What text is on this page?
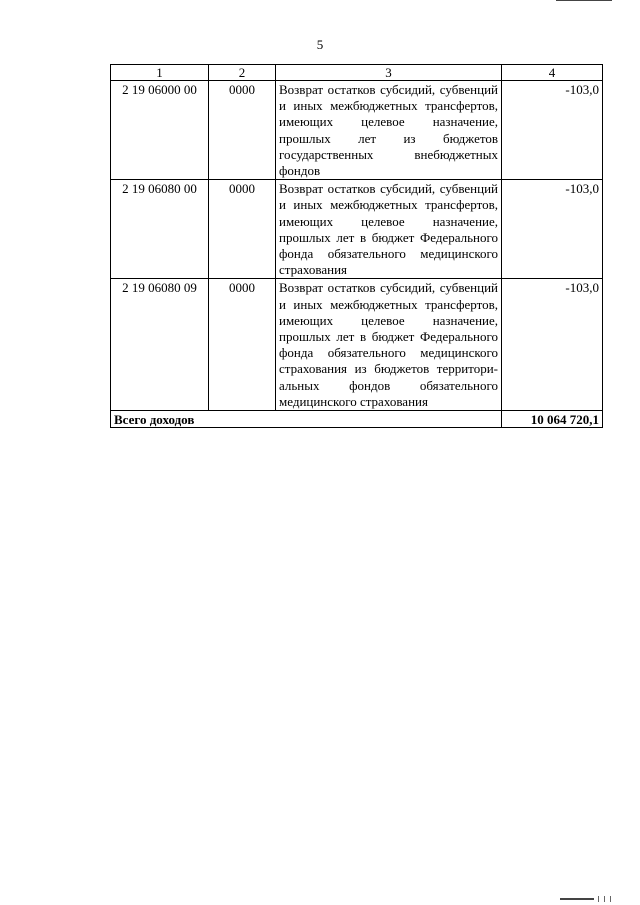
5
1	2	3	4
2 19 06000 00	0000	Возврат остатков субсидий, субвенций и иных межбюджетных трансфертов, имеющих целевое назначение, прошлых лет из бюджетов государственных внебюджетных фондов	-103,0
2 19 06080 00	0000	Возврат остатков субсидий, субвенций и иных межбюджетных трансфертов, имеющих целевое назначение, прошлых лет в бюджет Федерального фонда обязательного медицинского страхования	-103,0
2 19 06080 09	0000	Возврат остатков субсидий, субвенций и иных межбюджетных трансфертов, имеющих целевое назначение, прошлых лет в бюджет Федерального фонда обязательного медицинского страхования из бюджетов территориальных фондов обязательного медицинского страхования	-103,0
Всего доходов			10 064 720,1
